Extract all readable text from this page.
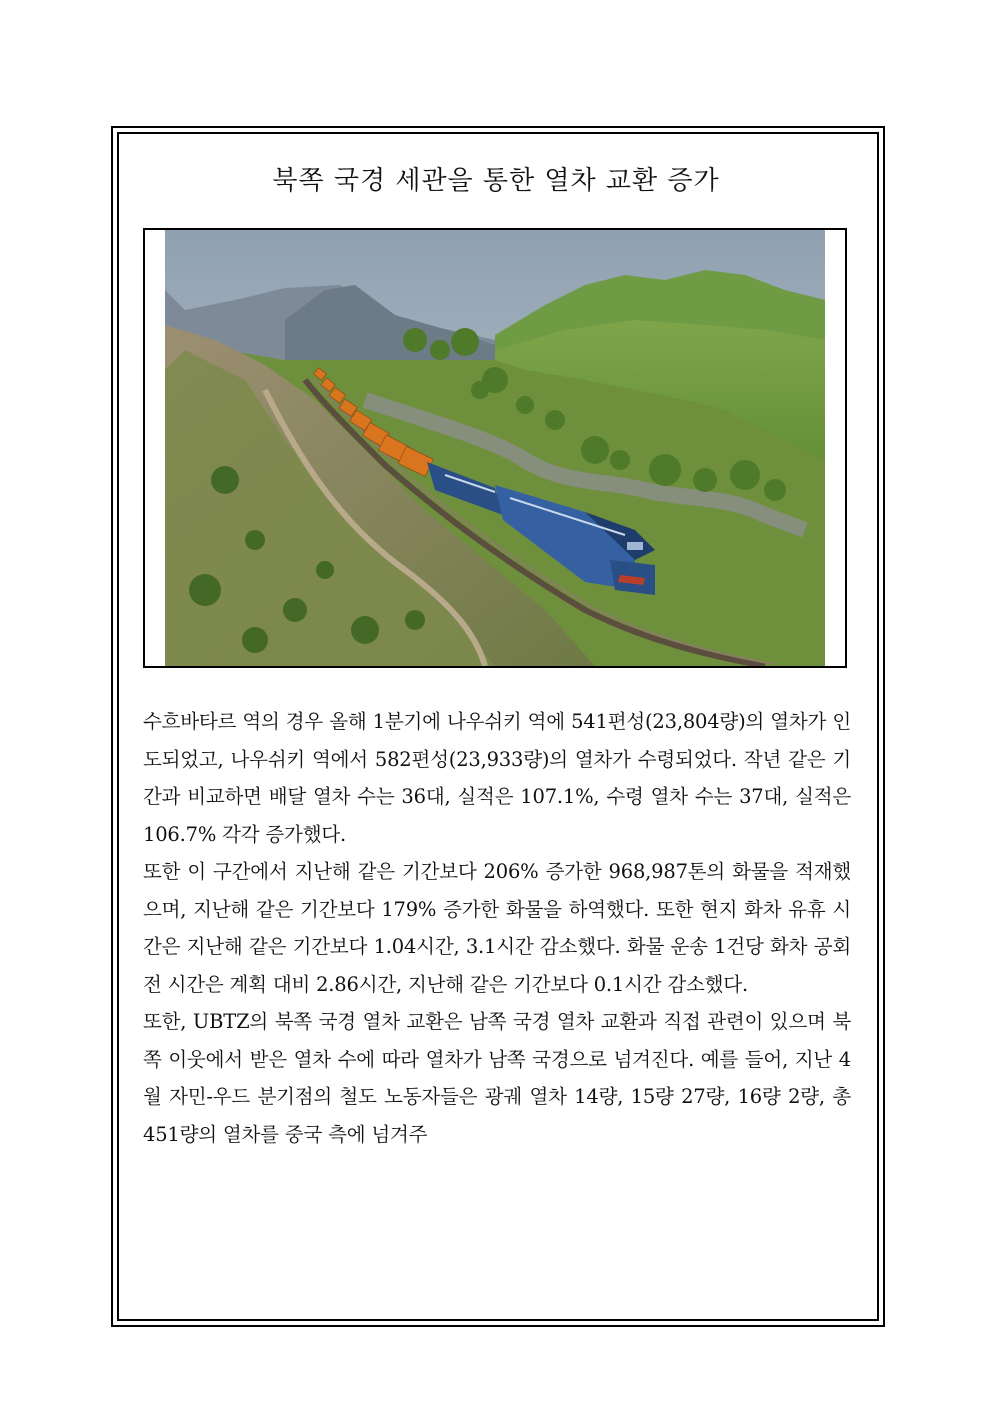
북쪽 국경 세관을 통한 열차 교환 증가

수흐바타르 역의 경우 올해 1분기에 나우쉬키 역에 541편성(23,804량)의 열차가 인도되었고, 나우쉬키 역에서 582편성(23,933량)의 열차가 수령되었다. 작년 같은 기간과 비교하면 배달 열차 수는 36대, 실적은 107.1%, 수령 열차 수는 37대, 실적은 106.7% 각각 증가했다.

또한 이 구간에서 지난해 같은 기간보다 206% 증가한 968,987톤의 화물을 적재했으며, 지난해 같은 기간보다 179% 증가한 화물을 하역했다. 또한 현지 화차 유휴 시간은 지난해 같은 기간보다 1.04시간, 3.1시간 감소했다. 화물 운송 1건당 화차 공회전 시간은 계획 대비 2.86시간, 지난해 같은 기간보다 0.1시간 감소했다.

또한, UBTZ의 북쪽 국경 열차 교환은 남쪽 국경 열차 교환과 직접 관련이 있으며 북쪽 이웃에서 받은 열차 수에 따라 열차가 남쪽 국경으로 넘겨진다. 예를 들어, 지난 4월 자민-우드 분기점의 철도 노동자들은 광궤 열차 14량, 15량 27량, 16량 2량, 총 451량의 열차를 중국 측에 넘겨주
